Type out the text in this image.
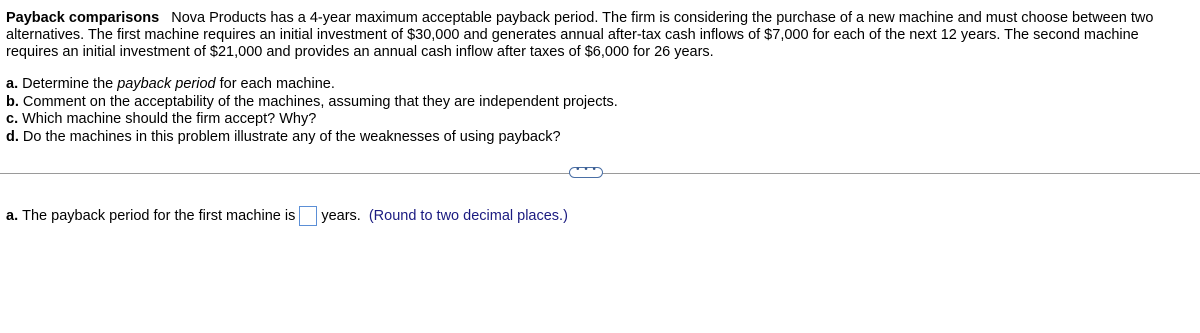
Payback comparisons Nova Products has a 4-year maximum acceptable payback period. The firm is considering the purchase of a new machine and must choose between two alternatives. The first machine requires an initial investment of $30,000 and generates annual after-tax cash inflows of $7,000 for each of the next 12 years. The second machine requires an initial investment of $21,000 and provides an annual cash inflow after taxes of $6,000 for 26 years.
a. Determine the payback period for each machine.
b. Comment on the acceptability of the machines, assuming that they are independent projects.
c. Which machine should the firm accept? Why?
d. Do the machines in this problem illustrate any of the weaknesses of using payback?
• • •
a.
The payback period for the first machine is years. (Round to two decimal places.)
